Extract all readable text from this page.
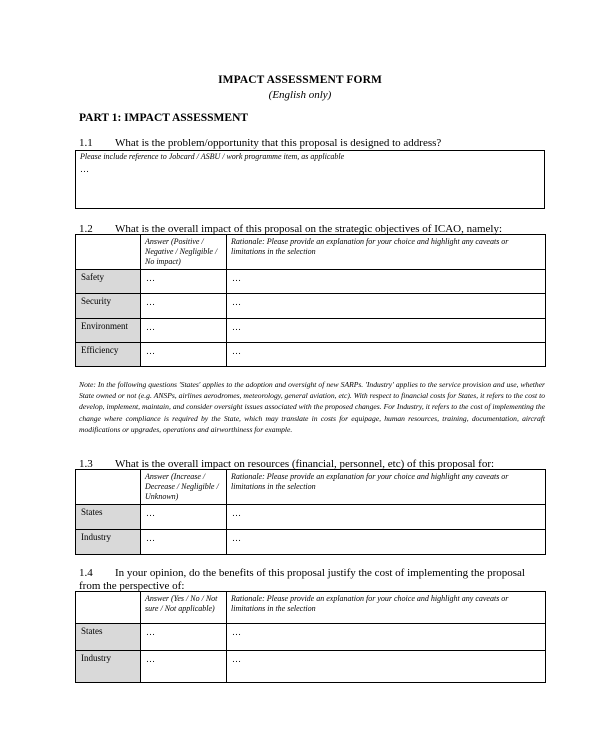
IMPACT ASSESSMENT FORM
(English only)
PART 1: IMPACT ASSESSMENT
1.1 What is the problem/opportunity that this proposal is designed to address?
Please include reference to Jobcard / ASBU / work programme item, as applicable
…
1.2 What is the overall impact of this proposal on the strategic objectives of ICAO, namely:
	Answer (Positive / Negative / Negligible / No impact)	Rationale: Please provide an explanation for your choice and highlight any caveats or limitations in the selection
Safety	…	…
Security	…	…
Environment	…	…
Efficiency	…	…
Note: In the following questions 'States' applies to the adoption and oversight of new SARPs. 'Industry' applies to the service provision and use, whether State owned or not (e.g. ANSPs, airlines aerodromes, meteorology, general aviation, etc). With respect to financial costs for States, it refers to the cost to develop, implement, maintain, and consider oversight issues associated with the proposed changes. For Industry, it refers to the cost of implementing the change where compliance is required by the State, which may translate in costs for equipage, human resources, training, documentation, aircraft modifications or upgrades, operations and airworthiness for example.
1.3 What is the overall impact on resources (financial, personnel, etc) of this proposal for:
	Answer (Increase / Decrease / Negligible / Unknown)	Rationale: Please provide an explanation for your choice and highlight any caveats or limitations in the selection
States	…	…
Industry	…	…
1.4	In your opinion, do the benefits of this proposal justify the cost of implementing the proposal from the perspective of:
	Answer (Yes / No / Not sure / Not applicable)	Rationale: Please provide an explanation for your choice and highlight any caveats or limitations in the selection
States	…	…
Industry	…	…
